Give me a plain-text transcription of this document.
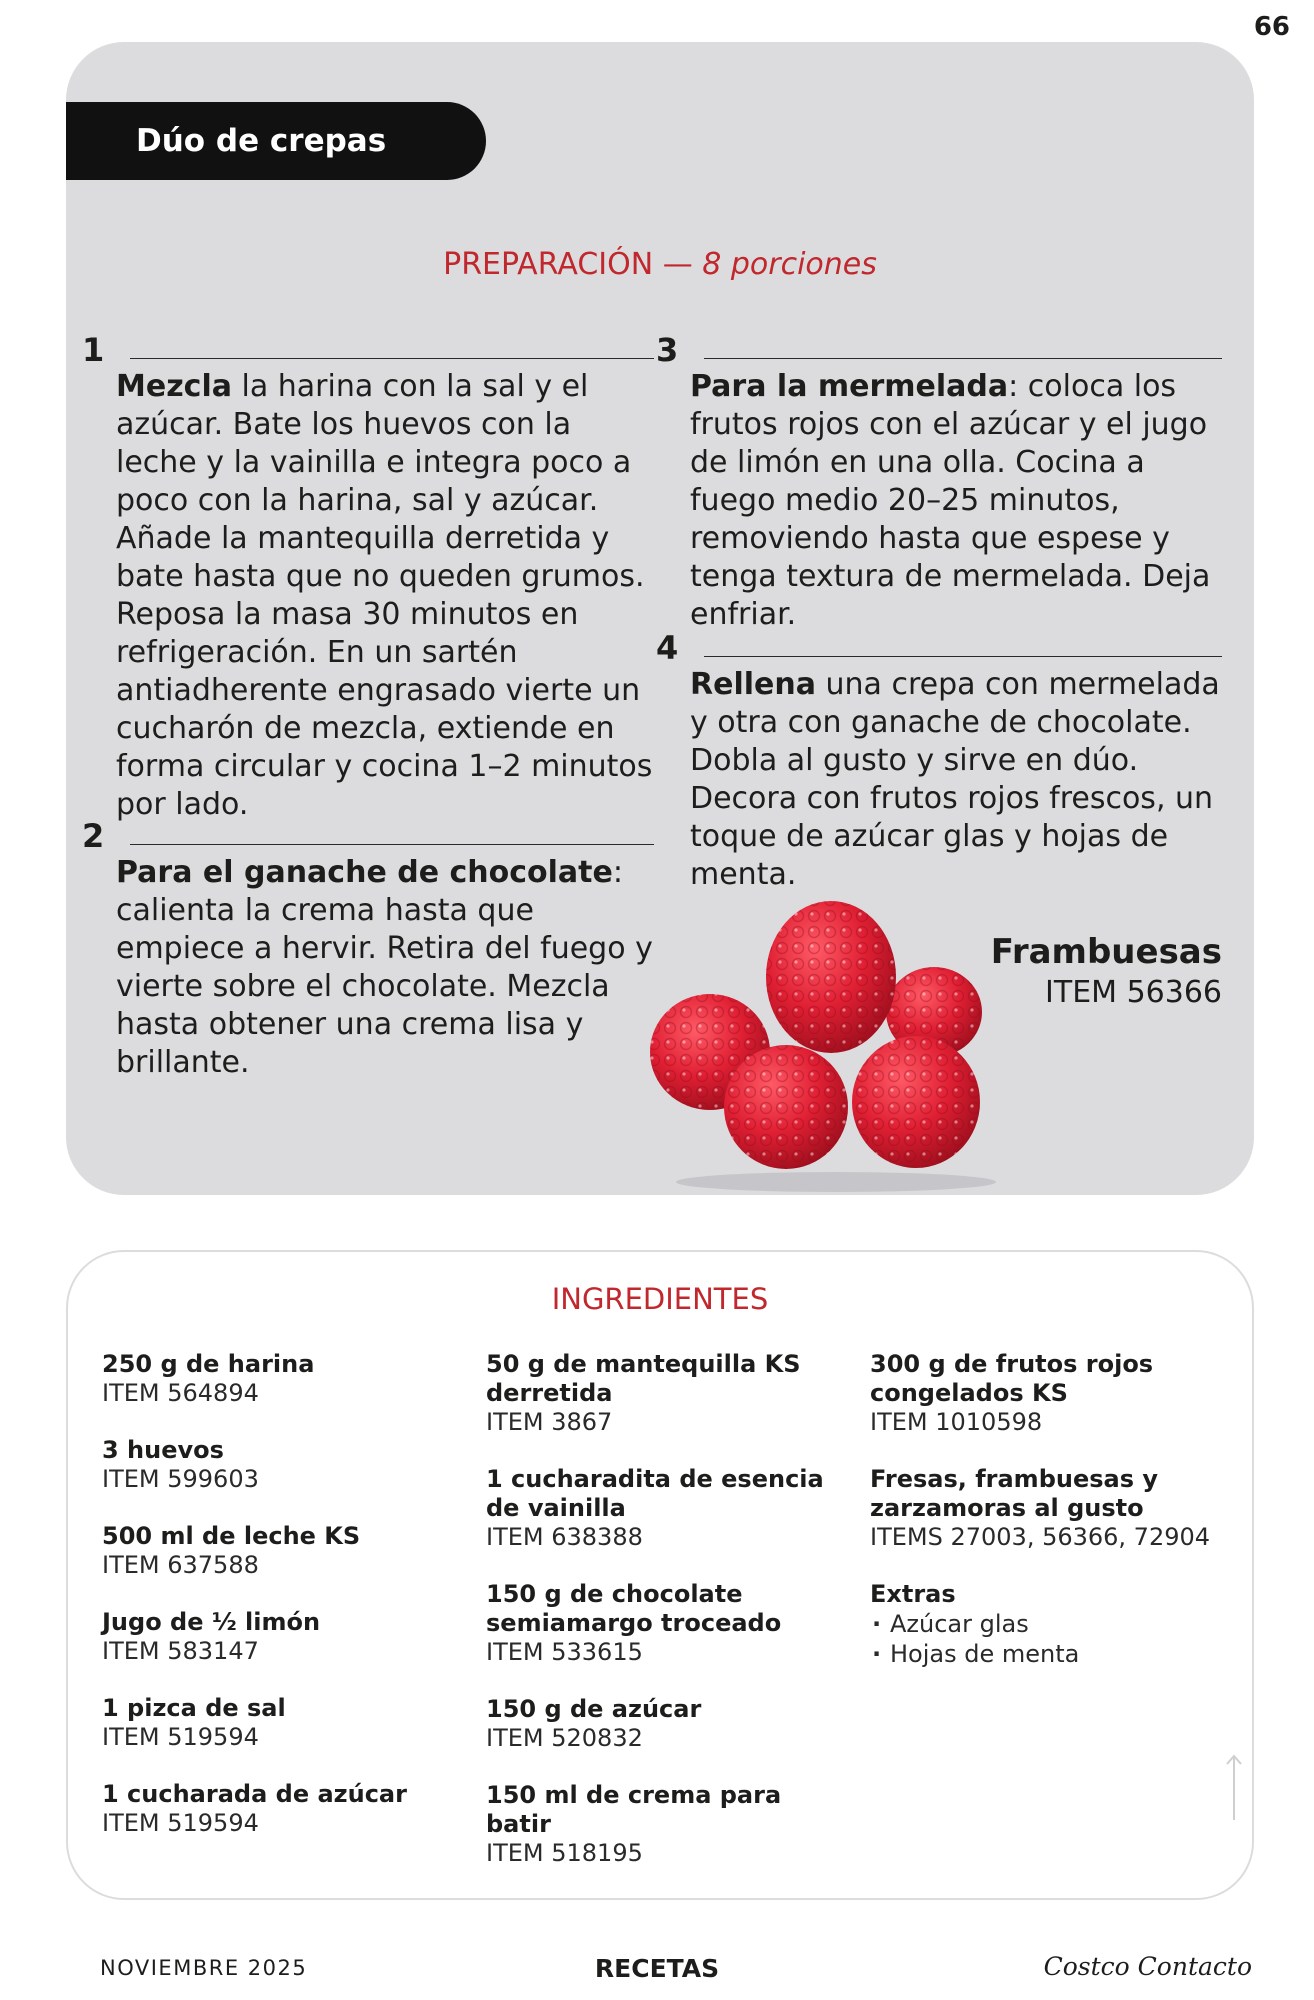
66
Dúo de crepas
PREPARACIÓN — 8 porciones
1

Mezcla la harina con la sal y el azúcar. Bate los huevos con la leche y la vainilla e integra poco a poco con la harina, sal y azúcar. Añade la mantequilla derretida y bate hasta que no queden grumos. Reposa la masa 30 minutos en refrigeración. En un sartén antiadherente engrasado vierte un cucharón de mezcla, extiende en forma circular y cocina 1–2 minutos por lado.

2

Para el ganache de chocolate: calienta la crema hasta que empiece a hervir. Retira del fuego y vierte sobre el chocolate. Mezcla hasta obtener una crema lisa y brillante.

3

Para la mermelada: coloca los frutos rojos con el azúcar y el jugo de limón en una olla. Cocina a fuego medio 20–25 minutos, removiendo hasta que espese y tenga textura de mermelada. Deja enfriar.

4

Rellena una crepa con mermelada y otra con ganache de chocolate. Dobla al gusto y sirve en dúo. Decora con frutos rojos frescos, un toque de azúcar glas y hojas de menta.

Frambuesas
ITEM 56366
INGREDIENTES
250 g de harina
ITEM 564894
3 huevos
ITEM 599603
500 ml de leche KS
ITEM 637588
Jugo de ½ limón
ITEM 583147
1 pizca de sal
ITEM 519594
1 cucharada de azúcar
ITEM 519594
50 g de mantequilla KS derretida
ITEM 3867
1 cucharadita de esencia de vainilla
ITEM 638388
150 g de chocolate semiamargo troceado
ITEM 533615
150 g de azúcar
ITEM 520832
150 ml de crema para batir
ITEM 518195
300 g de frutos rojos congelados KS
ITEM 1010598
Fresas, frambuesas y zarzamoras al gusto
ITEMS 27003, 56366, 72904
Extras
· Azúcar glas
· Hojas de menta
NOVIEMBRE 2025	RECETAS	Costco Contacto
